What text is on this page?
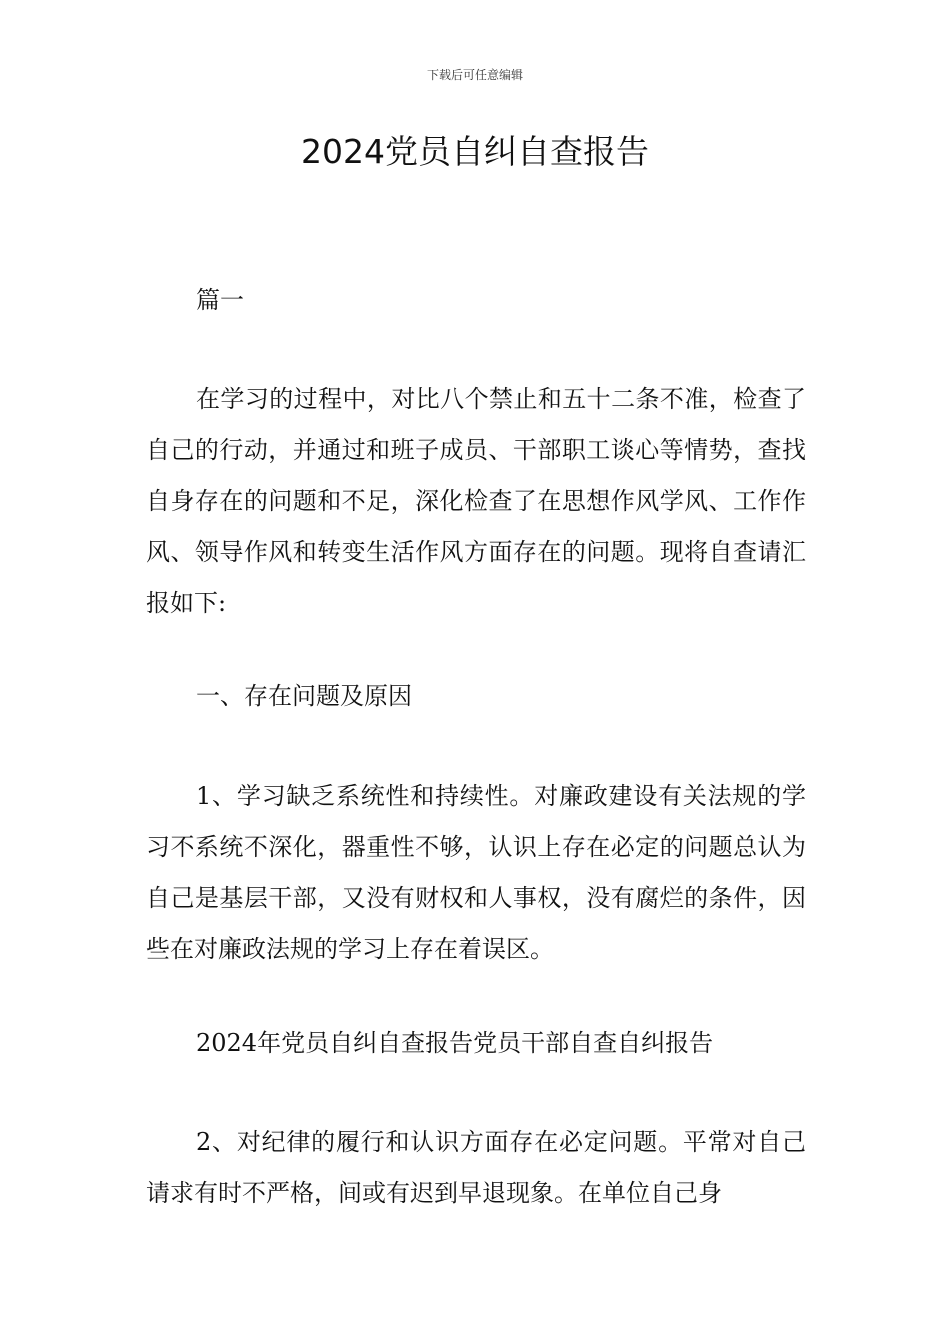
下载后可任意编辑
2024党员自纠自查报告

篇一

在学习的过程中，对比八个禁止和五十二条不准，检查了自己的行动，并通过和班子成员、干部职工谈心等情势，查找自身存在的问题和不足，深化检查了在思想作风学风、工作作风、领导作风和转变生活作风方面存在的问题。现将自查请汇报如下:

一、存在问题及原因

1、学习缺乏系统性和持续性。对廉政建设有关法规的学习不系统不深化，器重性不够，认识上存在必定的问题总认为自己是基层干部，又没有财权和人事权，没有腐烂的条件，因些在对廉政法规的学习上存在着误区。

2024年党员自纠自查报告党员干部自查自纠报告

2、对纪律的履行和认识方面存在必定问题。平常对自己请求有时不严格，间或有迟到早退现象。在单位自己身
